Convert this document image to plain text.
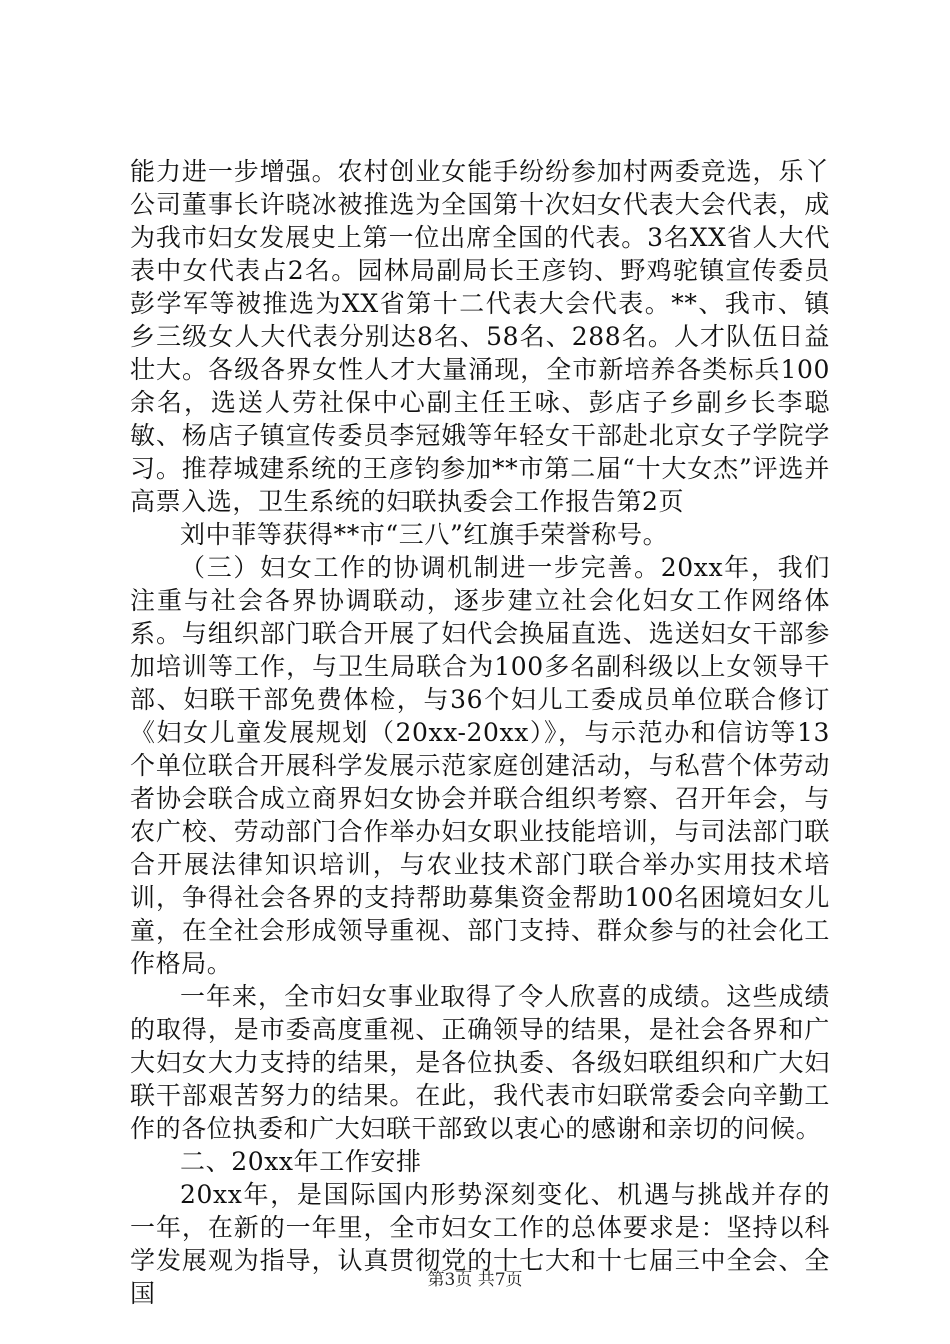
能力进一步增强。农村创业女能手纷纷参加村两委竞选，乐丫公司董事长许晓冰被推选为全国第十次妇女代表大会代表，成为我市妇女发展史上第一位出席全国的代表。3名XX省人大代表中女代表占2名。园林局副局长王彦钧、野鸡驼镇宣传委员彭学军等被推选为XX省第十二代表大会代表。**、我市、镇乡三级女人大代表分别达8名、58名、288名。人才队伍日益壮大。各级各界女性人才大量涌现，全市新培养各类标兵100余名，选送人劳社保中心副主任王咏、彭店子乡副乡长李聪敏、杨店子镇宣传委员李冠娥等年轻女干部赴北京女子学院学习。推荐城建系统的王彦钧参加**市第二届“十大女杰”评选并高票入选，卫生系统的妇联执委会工作报告第2页

刘中菲等获得**市“三八”红旗手荣誉称号。

（三）妇女工作的协调机制进一步完善。20xx年，我们注重与社会各界协调联动，逐步建立社会化妇女工作网络体系。与组织部门联合开展了妇代会换届直选、选送妇女干部参加培训等工作，与卫生局联合为100多名副科级以上女领导干部、妇联干部免费体检，与36个妇儿工委成员单位联合修订《妇女儿童发展规划（20xx-20xx）》，与示范办和信访等13个单位联合开展科学发展示范家庭创建活动，与私营个体劳动者协会联合成立商界妇女协会并联合组织考察、召开年会，与农广校、劳动部门合作举办妇女职业技能培训，与司法部门联合开展法律知识培训，与农业技术部门联合举办实用技术培训，争得社会各界的支持帮助募集资金帮助100名困境妇女儿童，在全社会形成领导重视、部门支持、群众参与的社会化工作格局。

一年来，全市妇女事业取得了令人欣喜的成绩。这些成绩的取得，是市委高度重视、正确领导的结果，是社会各界和广大妇女大力支持的结果，是各位执委、各级妇联组织和广大妇联干部艰苦努力的结果。在此，我代表市妇联常委会向辛勤工作的各位执委和广大妇联干部致以衷心的感谢和亲切的问候。

二、20xx年工作安排

20xx年，是国际国内形势深刻变化、机遇与挑战并存的一年，在新的一年里，全市妇女工作的总体要求是：坚持以科学发展观为指导，认真贯彻党的十七大和十七届三中全会、全国	第3页 共7页
